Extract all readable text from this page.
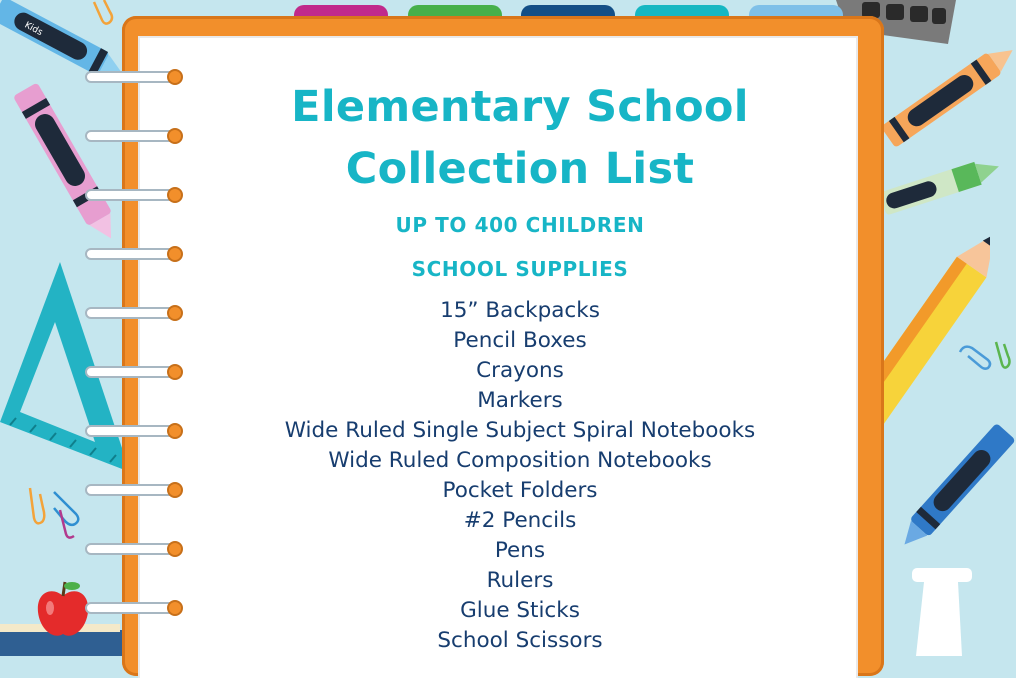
Kids
Elementary School
Collection List
UP TO 400 CHILDREN
SCHOOL SUPPLIES
15” Backpacks
Pencil Boxes
Crayons
Markers
Wide Ruled Single Subject Spiral Notebooks
Wide Ruled Composition Notebooks
Pocket Folders
#2 Pencils
Pens
Rulers
Glue Sticks
School Scissors
